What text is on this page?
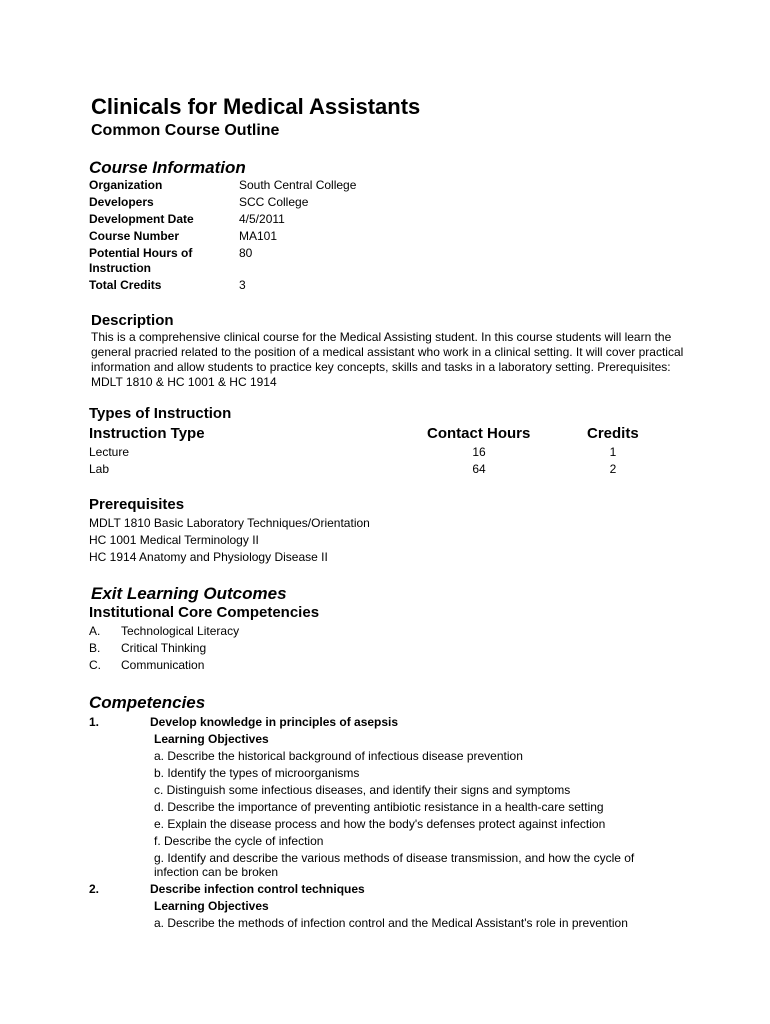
Clinicals for Medical Assistants
Common Course Outline
Course Information
Organization	South Central College
Developers	SCC College
Development Date	4/5/2011
Course Number	MA101
Potential Hours of Instruction	80
Total Credits	3
Description
This is a comprehensive clinical course for the Medical Assisting student. In this course students will learn the general pracried related to the position of a medical assistant who work in a clinical setting. It will cover practical information and allow students to practice key concepts, skills and tasks in a laboratory setting. Prerequisites: MDLT 1810 & HC 1001 & HC 1914
Types of Instruction
Instruction Type	Contact Hours	Credits
Lecture	16	1
Lab	64	2
Prerequisites
MDLT 1810 Basic Laboratory Techniques/Orientation
HC 1001 Medical Terminology II
HC 1914 Anatomy and Physiology Disease II
Exit Learning Outcomes
Institutional Core Competencies
A. Technological Literacy
B. Critical Thinking
C. Communication
Competencies
1.	Develop knowledge in principles of asepsis
Learning Objectives
a. Describe the historical background of infectious disease prevention
b. Identify the types of microorganisms
c. Distinguish some infectious diseases, and identify their signs and symptoms
d. Describe the importance of preventing antibiotic resistance in a health-care setting
e. Explain the disease process and how the body's defenses protect against infection
f. Describe the cycle of infection
g. Identify and describe the various methods of disease transmission, and how the cycle of infection can be broken
2.	Describe infection control techniques
Learning Objectives
a. Describe the methods of infection control and the Medical Assistant's role in prevention
